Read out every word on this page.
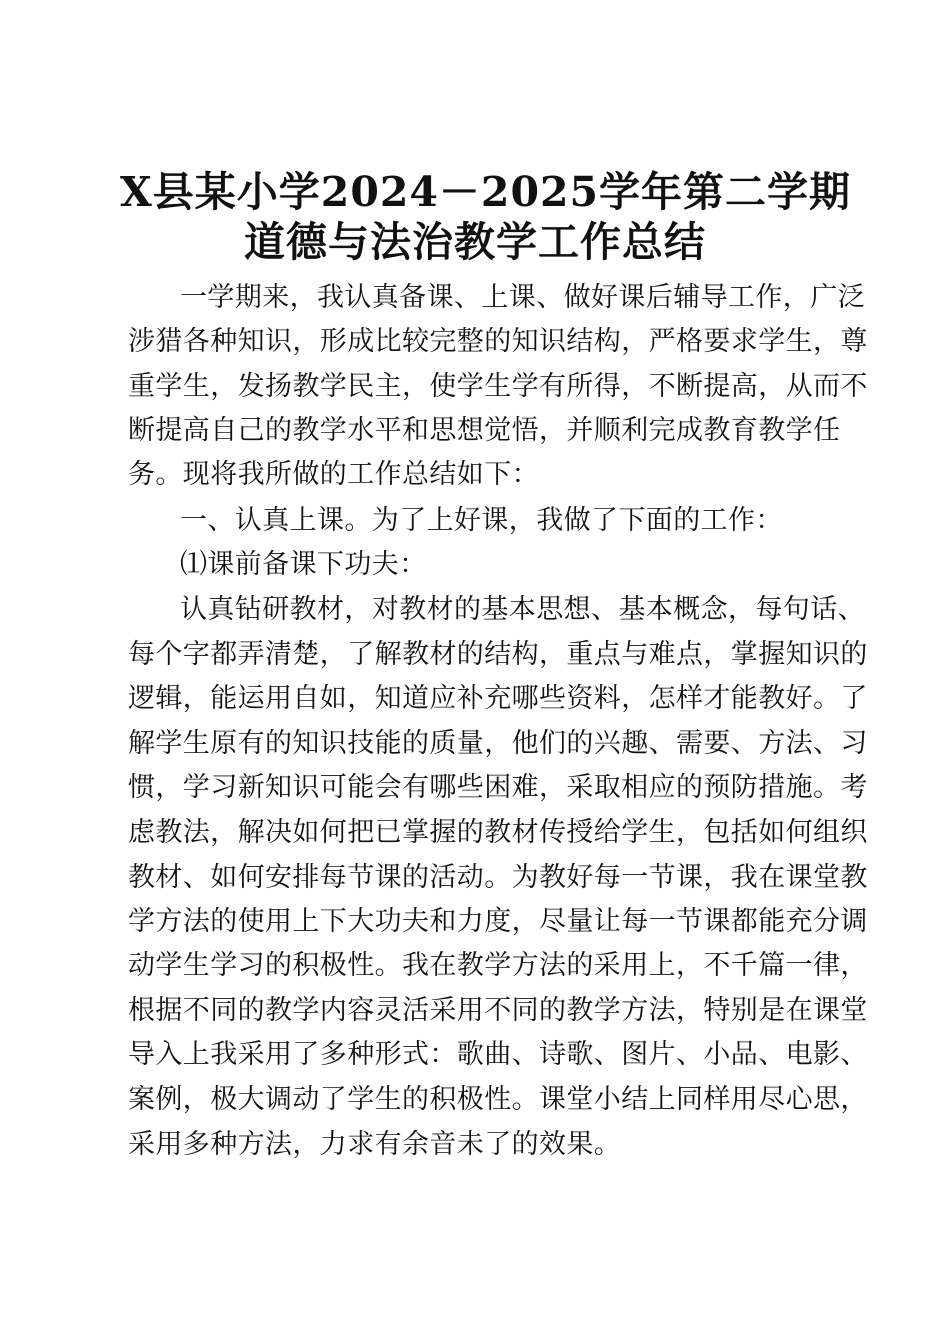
X县某小学2024－2025学年第二学期
道德与法治教学工作总结
一学期来，我认真备课、上课、做好课后辅导工作，广泛
涉猎各种知识，形成比较完整的知识结构，严格要求学生，尊
重学生，发扬教学民主，使学生学有所得，不断提高，从而不
断提高自己的教学水平和思想觉悟，并顺利完成教育教学任
务。现将我所做的工作总结如下：
一、认真上课。为了上好课，我做了下面的工作：
⑴课前备课下功夫：
认真钻研教材，对教材的基本思想、基本概念，每句话、
每个字都弄清楚，了解教材的结构，重点与难点，掌握知识的
逻辑，能运用自如，知道应补充哪些资料，怎样才能教好。了
解学生原有的知识技能的质量，他们的兴趣、需要、方法、习
惯，学习新知识可能会有哪些困难，采取相应的预防措施。考
虑教法，解决如何把已掌握的教材传授给学生，包括如何组织
教材、如何安排每节课的活动。为教好每一节课，我在课堂教
学方法的使用上下大功夫和力度，尽量让每一节课都能充分调
动学生学习的积极性。我在教学方法的采用上，不千篇一律，
根据不同的教学内容灵活采用不同的教学方法，特别是在课堂
导入上我采用了多种形式：歌曲、诗歌、图片、小品、电影、
案例，极大调动了学生的积极性。课堂小结上同样用尽心思，
采用多种方法，力求有余音未了的效果。
